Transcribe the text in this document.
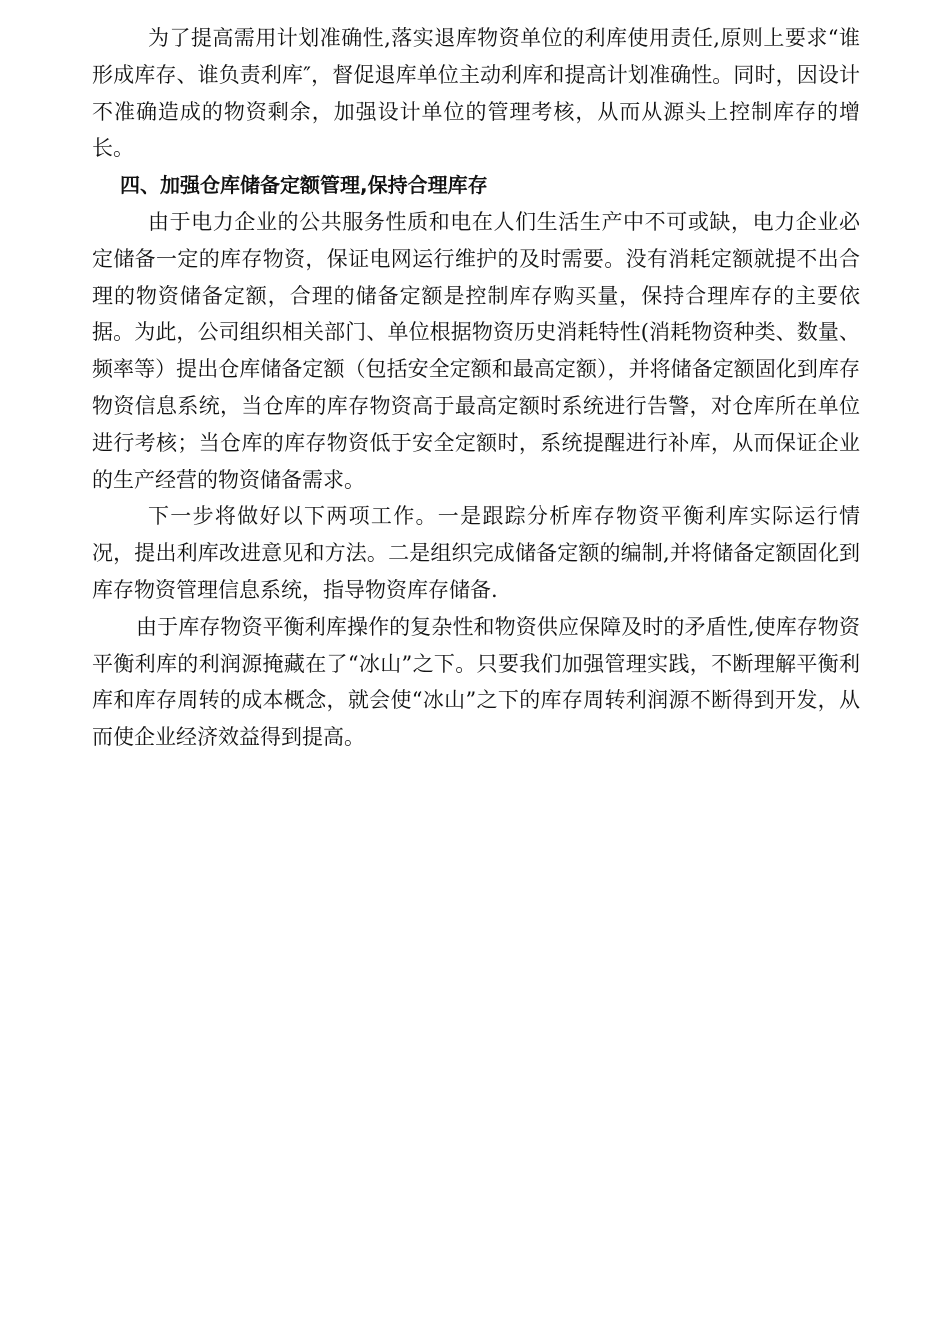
为了提高需用计划准确性,落实退库物资单位的利库使用责任,原则上要求“谁形成库存、谁负责利库″，督促退库单位主动利库和提高计划准确性。同时，因设计不准确造成的物资剩余，加强设计单位的管理考核，从而从源头上控制库存的增长。

四、加强仓库储备定额管理,保持合理库存

由于电力企业的公共服务性质和电在人们生活生产中不可或缺，电力企业必定储备一定的库存物资，保证电网运行维护的及时需要。没有消耗定额就提不出合理的物资储备定额，合理的储备定额是控制库存购买量，保持合理库存的主要依据。为此，公司组织相关部门、单位根据物资历史消耗特性(消耗物资种类、数量、频率等）提出仓库储备定额（包括安全定额和最高定额），并将储备定额固化到库存物资信息系统，当仓库的库存物资高于最高定额时系统进行告警，对仓库所在单位进行考核；当仓库的库存物资低于安全定额时，系统提醒进行补库，从而保证企业的生产经营的物资储备需求。

下一步将做好以下两项工作。一是跟踪分析库存物资平衡利库实际运行情况，提出利库改进意见和方法。二是组织完成储备定额的编制,并将储备定额固化到库存物资管理信息系统，指导物资库存储备.

由于库存物资平衡利库操作的复杂性和物资供应保障及时的矛盾性,使库存物资平衡利库的利润源掩藏在了“冰山”之下。只要我们加强管理实践，不断理解平衡利库和库存周转的成本概念，就会使“冰山”之下的库存周转利润源不断得到开发，从而使企业经济效益得到提高。
